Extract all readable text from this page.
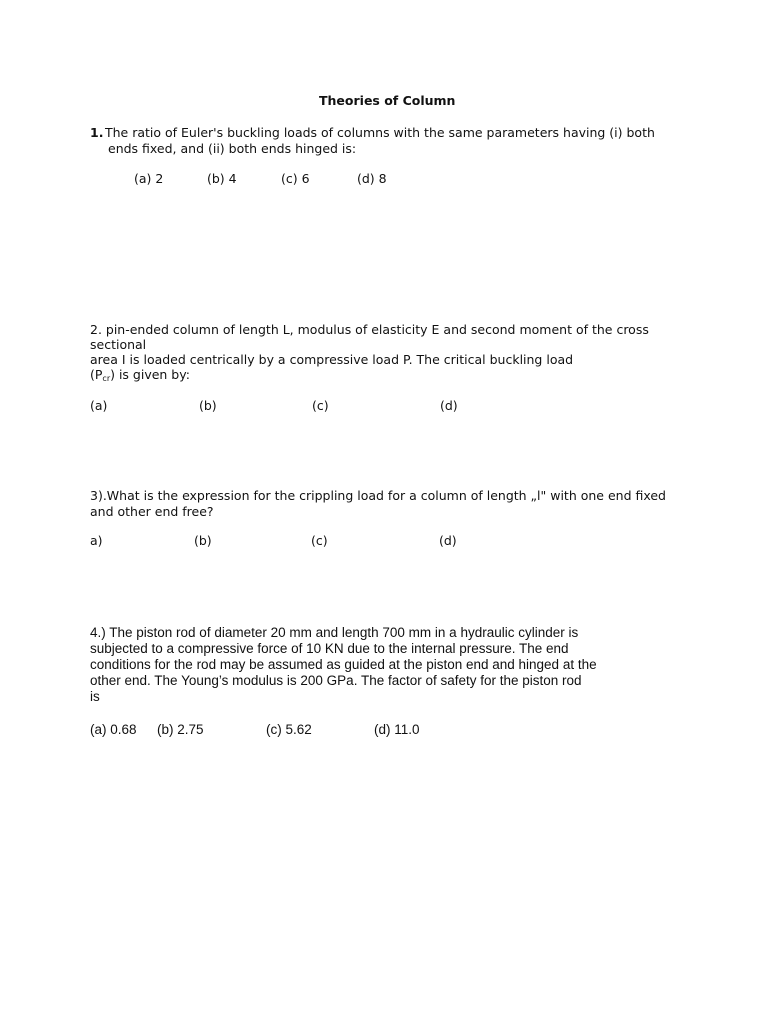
Theories of Column
1. The ratio of Euler's buckling loads of columns with the same parameters having (i) both
ends fixed, and (ii) both ends hinged is:
(a) 2	(b) 4	(c) 6	(d) 8
2. pin-ended column of length L, modulus of elasticity E and second moment of the cross
sectional
area I is loaded centrically by a compressive load P. The critical buckling load
$(P_{cr})$ is given by:
(a)	(b)	(c)	(d)
3).What is the expression for the crippling load for a column of length „l" with one end fixed
and other end free?
a)	(b)	(c)	(d)
4.) The piston rod of diameter 20 mm and length 700 mm in a hydraulic cylinder is
subjected to a compressive force of 10 KN due to the internal pressure. The end
conditions for the rod may be assumed as guided at the piston end and hinged at the
other end. The Young’s modulus is 200 GPa. The factor of safety for the piston rod
is
(a) 0.68 (b) 2.75	(c) 5.62	(d) 11.0
